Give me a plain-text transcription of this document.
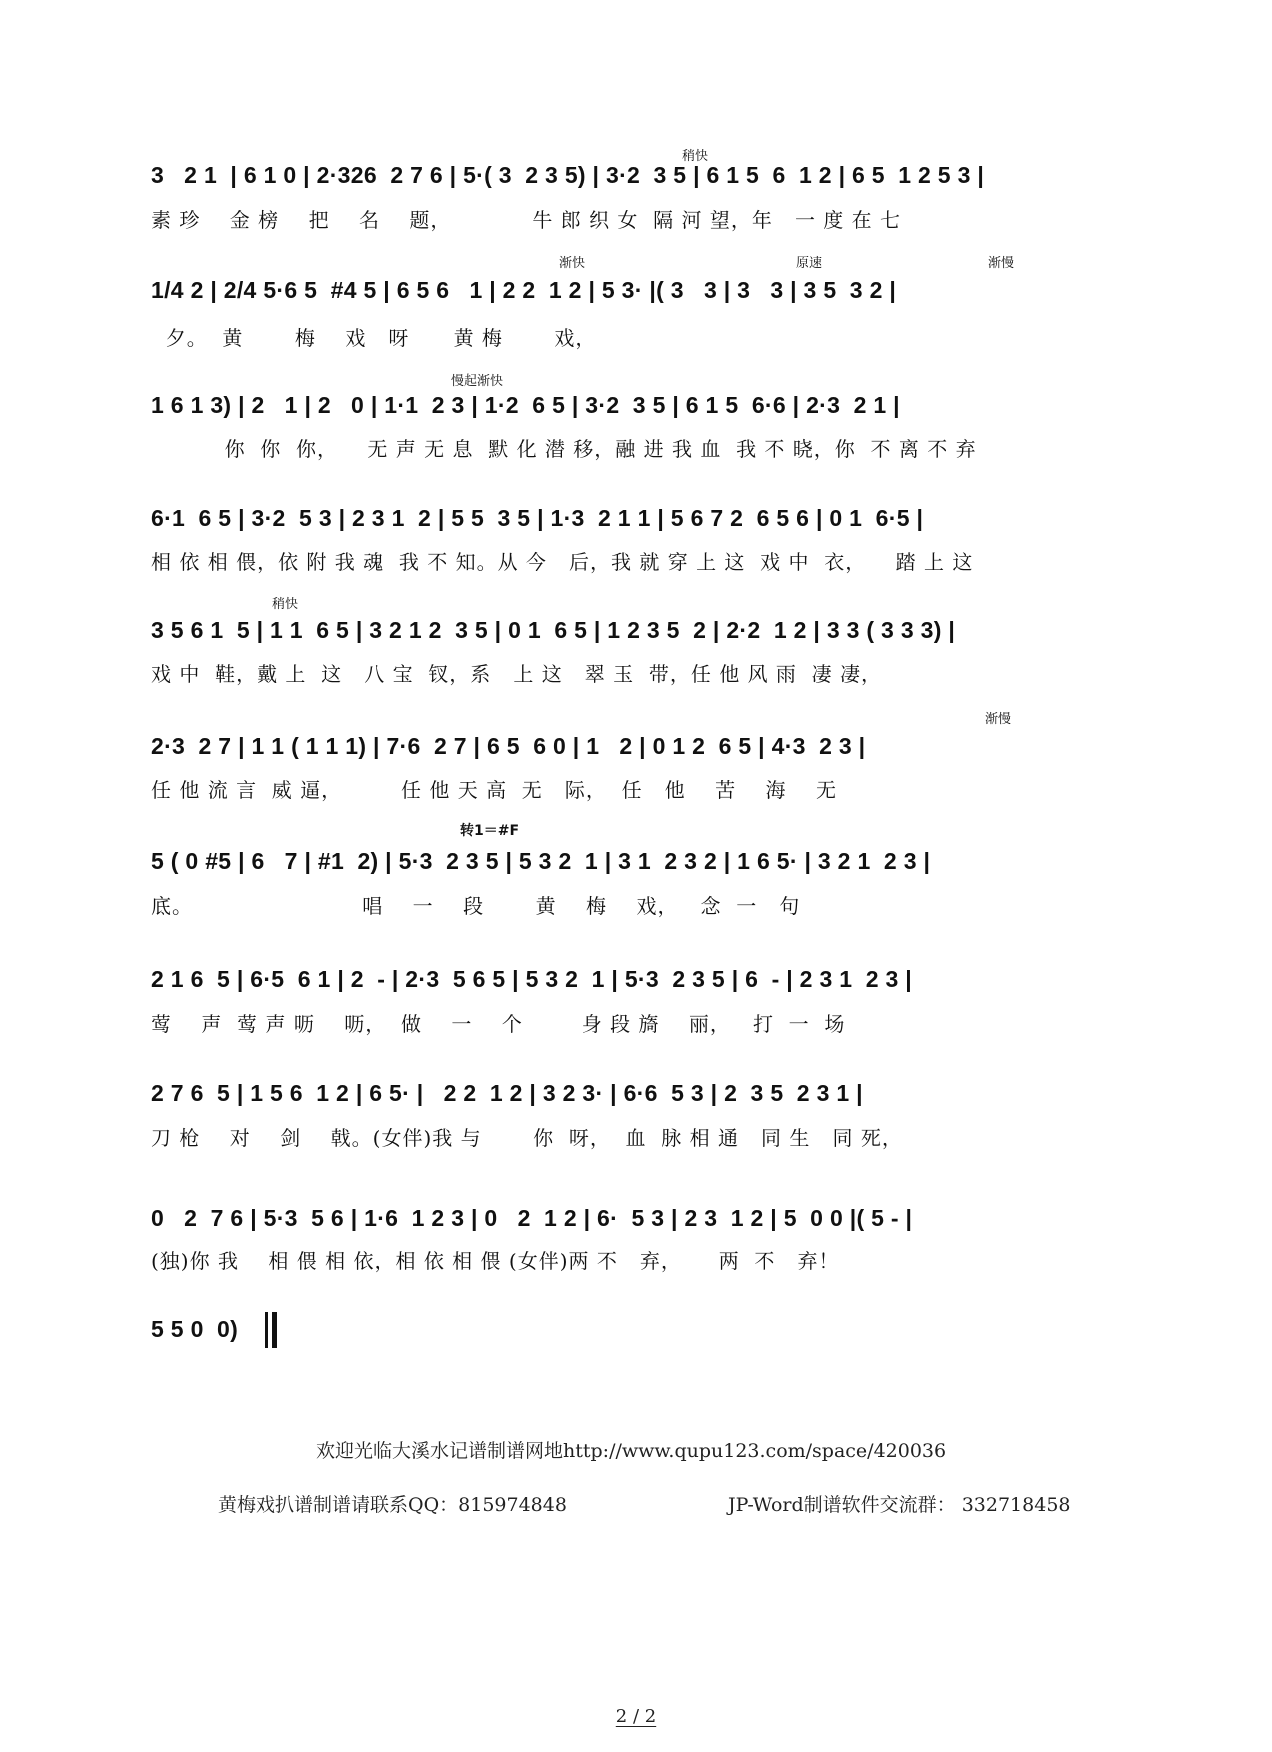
稍快
渐快	原速	渐慢
慢起渐快
稍快
渐慢
转1＝#F
3   2 1  | 6 1 0 | 2·326  2 7 6 | 5·( 3  2 3 5) | 3·2  3 5 | 6 1 5  6  1 2 | 6 5  1 2 5 3 |
素 珍    金 榜    把    名    题，           牛 郎 织 女  隔 河 望，年   一 度 在 七
1/4 2 | 2/4 5·6 5  #4 5 | 6 5 6   1 | 2 2  1 2 | 5 3· |( 3   3 | 3   3 | 3 5  3 2 |
夕。  黄       梅    戏   呀      黄 梅       戏，
1 6 1 3) | 2   1 | 2   0 | 1·1  2 3 | 1·2  6 5 | 3·2  3 5 | 6 1 5  6·6 | 2·3  2 1 |
你  你  你，    无 声 无 息  默 化 潜 移，融 进 我 血  我 不 晓，你  不 离 不 弃
6·1  6 5 | 3·2  5 3 | 2 3 1  2 | 5 5  3 5 | 1·3  2 1 1 | 5 6 7 2  6 5 6 | 0 1  6·5 |
相 依 相 偎，依 附 我 魂  我 不 知。从 今   后，我 就 穿 上 这  戏 中  衣，    踏 上 这
3 5 6 1  5 | 1 1  6 5 | 3 2 1 2  3 5 | 0 1  6 5 | 1 2 3 5  2 | 2·2  1 2 | 3 3 ( 3 3 3) |
戏 中  鞋，戴 上  这   八 宝  钗，系   上 这   翠 玉  带，任 他 风 雨  凄 凄，
2·3  2 7 | 1 1 ( 1 1 1) | 7·6  2 7 | 6 5  6 0 | 1   2 | 0 1 2  6 5 | 4·3  2 3 |
任 他 流 言  威 逼，        任 他 天 高  无   际，  任   他    苦    海    无
5 ( 0 #5 | 6   7 | #1  2) | 5·3  2 3 5 | 5 3 2  1 | 3 1  2 3 2 | 1 6 5· | 3 2 1  2 3 |
底。                       唱    一    段       黄    梅    戏，   念  一   句
2 1 6  5 | 6·5  6 1 | 2  - | 2·3  5 6 5 | 5 3 2  1 | 5·3  2 3 5 | 6  - | 2 3 1  2 3 |
莺    声  莺 声 呖    呖，  做    一    个        身 段 旖    丽，   打  一  场
2 7 6  5 | 1 5 6  1 2 | 6 5· |   2 2  1 2 | 3 2 3· | 6·6  5 3 | 2  3 5  2 3 1 |
刀 枪    对    剑    戟。(女伴)我 与       你  呀，  血  脉 相 通   同 生   同 死，
0   2  7 6 | 5·3  5 6 | 1·6  1 2 3 | 0   2  1 2 | 6·  5 3 | 2 3  1 2 | 5  0 0 |( 5 - |
(独)你 我    相 偎 相 依，相 依 相 偎 (女伴)两 不   弃，     两  不   弃！
5 5 0  0)
欢迎光临大溪水记谱制谱网地http://www.qupu123.com/space/420036
黄梅戏扒谱制谱请联系QQ：815974848	JP-Word制谱软件交流群： 332718458
2 / 2
